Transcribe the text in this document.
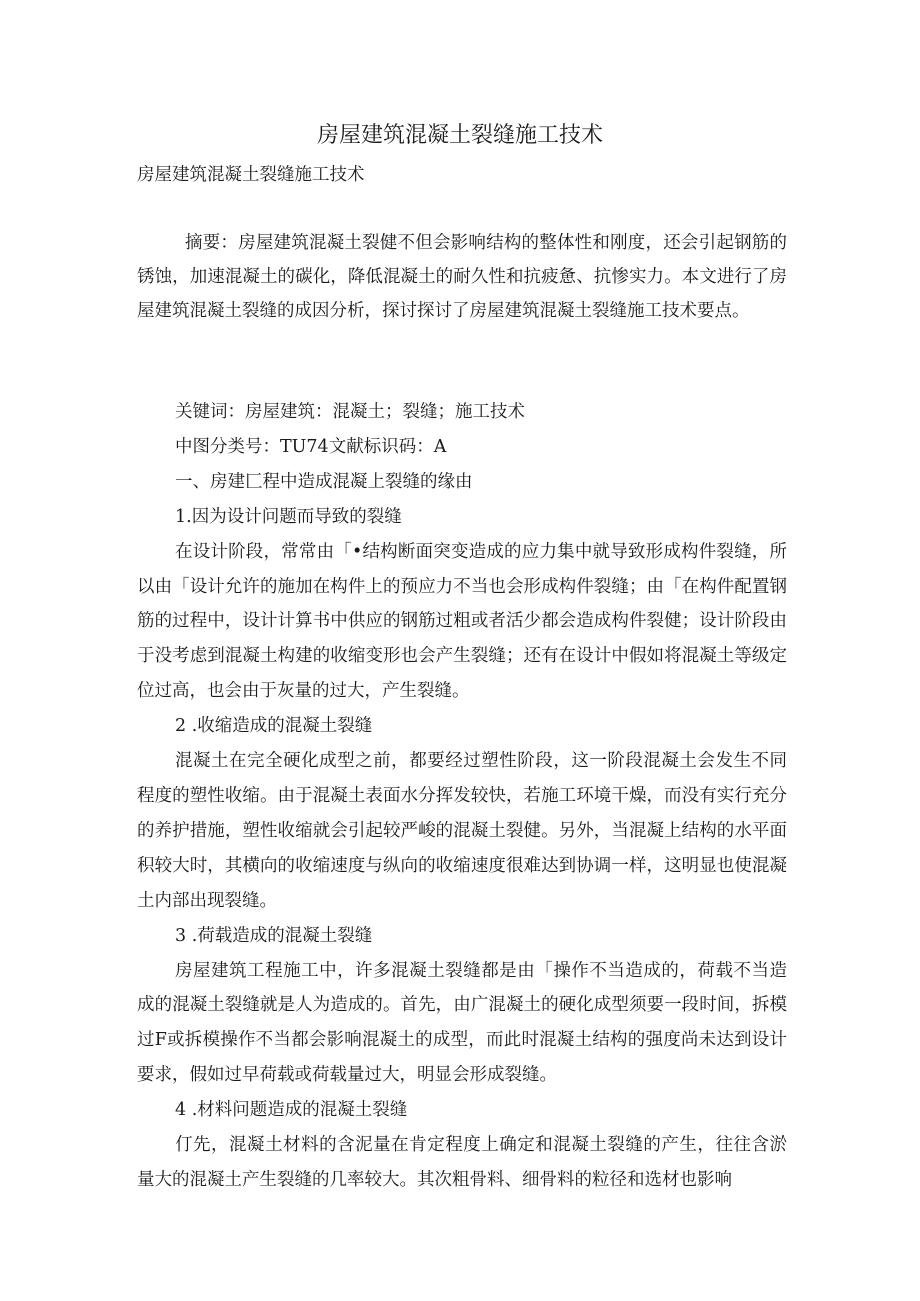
房屋建筑混凝土裂缝施工技术

房屋建筑混凝土裂缝施工技术

摘要：房屋建筑混凝土裂健不但会影响结构的整体性和刚度，还会引起钢筋的锈蚀，加速混凝土的碳化，降低混凝土的耐久性和抗疲惫、抗惨实力。本文进行了房屋建筑混凝土裂缝的成因分析，探讨探讨了房屋建筑混凝土裂缝施工技术要点。

关键词：房屋建筑：混凝土；裂缝；施工技术

中图分类号：TU74文献标识码：A

一、房建匚程中造成混凝上裂缝的缘由

1.因为设计问题而导致的裂缝

在设计阶段，常常由「•结构断面突变造成的应力集中就导致形成构件裂缝，所以由「设计允许的施加在构件上的预应力不当也会形成构件裂缝；由「在构件配置钢筋的过程中，设计计算书中供应的钢筋过粗或者活少都会造成构件裂健；设计阶段由于没考虑到混凝土构建的收缩变形也会产生裂缝；还有在设计中假如将混凝土等级定位过高，也会由于灰量的过大，产生裂缝。

2 .收缩造成的混凝土裂缝

混凝土在完全硬化成型之前，都要经过塑性阶段，这一阶段混凝土会发生不同程度的塑性收缩。由于混凝土表面水分挥发较快，若施工环境干燥，而没有实行充分的养护措施，塑性收缩就会引起较严峻的混凝土裂健。另外，当混凝上结构的水平面积较大时，其横向的收缩速度与纵向的收缩速度很难达到协调一样，这明显也使混凝土内部出现裂缝。

3 .荷载造成的混凝土裂缝

房屋建筑工程施工中，许多混凝土裂缝都是由「操作不当造成的，荷载不当造成的混凝土裂缝就是人为造成的。首先，由广混凝土的硬化成型须要一段时间，拆模过F或拆模操作不当都会影响混凝土的成型，而此时混凝土结构的强度尚未达到设计要求，假如过早荷载或荷载量过大，明显会形成裂缝。

4 .材料问题造成的混凝土裂缝

仃先，混凝土材料的含泥量在肯定程度上确定和混凝土裂缝的产生，往往含淤量大的混凝土产生裂缝的几率较大。其次粗骨料、细骨料的粒径和选材也影响
